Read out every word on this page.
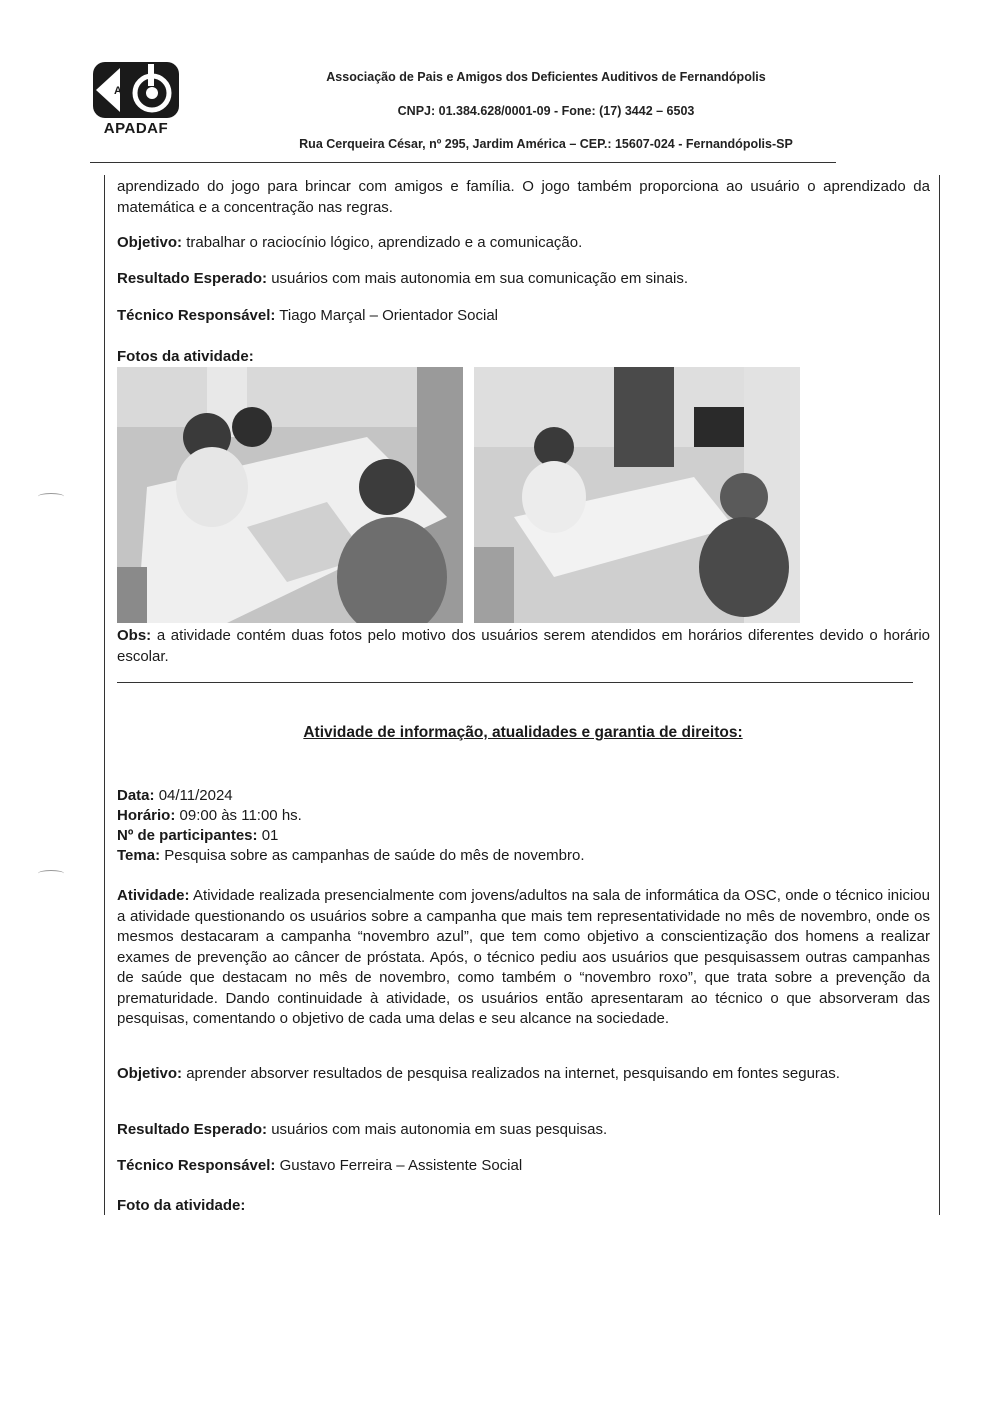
A
APADAF
Associação de Pais e Amigos dos Deficientes Auditivos de Fernandópolis
CNPJ: 01.384.628/0001-09 - Fone: (17) 3442 – 6503
Rua Cerqueira César, nº 295, Jardim América – CEP.: 15607-024 - Fernandópolis-SP
aprendizado do jogo para brincar com amigos e família. O jogo também proporciona ao usuário o aprendizado da matemática e a concentração nas regras.
Objetivo: trabalhar o raciocínio lógico, aprendizado e a comunicação.
Resultado Esperado: usuários com mais autonomia em sua comunicação em sinais.
Técnico Responsável: Tiago Marçal – Orientador Social
Fotos da atividade:
Obs: a atividade contém duas fotos pelo motivo dos usuários serem atendidos em horários diferentes devido o horário escolar.
Atividade de informação, atualidades e garantia de direitos:
Data: 04/11/2024
Horário: 09:00 às 11:00 hs.
Nº de participantes: 01
Tema: Pesquisa sobre as campanhas de saúde do mês de novembro.
Atividade: Atividade realizada presencialmente com jovens/adultos na sala de informática da OSC, onde o técnico iniciou a atividade questionando os usuários sobre a campanha que mais tem representatividade no mês de novembro, onde os mesmos destacaram a campanha “novembro azul”, que tem como objetivo a conscientização dos homens a realizar exames de prevenção ao câncer de próstata. Após, o técnico pediu aos usuários que pesquisassem outras campanhas de saúde que destacam no mês de novembro, como também o “novembro roxo”, que trata sobre a prevenção da prematuridade. Dando continuidade à atividade, os usuários então apresentaram ao técnico o que absorveram das pesquisas, comentando o objetivo de cada uma delas e seu alcance na sociedade.
Objetivo: aprender absorver resultados de pesquisa realizados na internet, pesquisando em fontes seguras.
Resultado Esperado: usuários com mais autonomia em suas pesquisas.
Técnico Responsável: Gustavo Ferreira – Assistente Social
Foto da atividade:
